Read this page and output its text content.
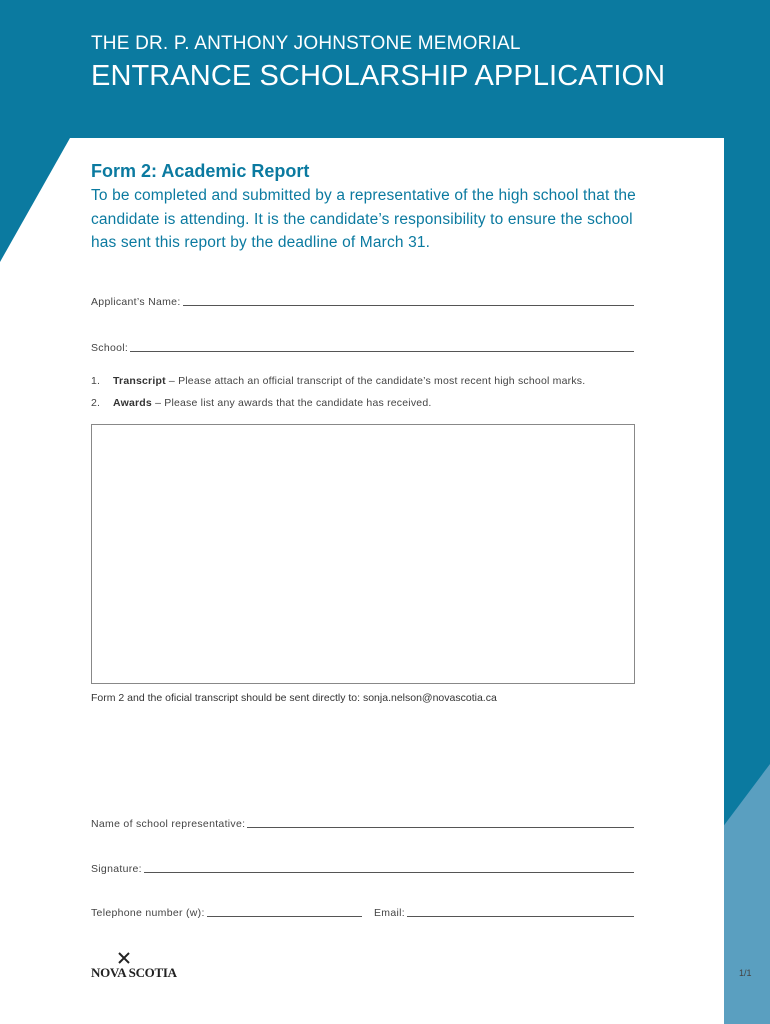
THE DR. P. ANTHONY JOHNSTONE MEMORIAL
ENTRANCE SCHOLARSHIP APPLICATION
Form 2: Academic Report
To be completed and submitted by a representative of the high school that the candidate is attending. It is the candidate’s responsibility to ensure the school has sent this report by the deadline of March 31.
Applicant’s Name:
School:
1.	Transcript
– Please attach an official transcript of the candidate’s most recent high school marks.
2.	Awards
– Please list any awards that the candidate has received.
Form 2 and the oficial transcript should be sent directly to: sonja.nelson@novascotia.ca
Name of school representative:
Signature:
Telephone number (w):	Email:
NOVA SCOTIA	1/1
